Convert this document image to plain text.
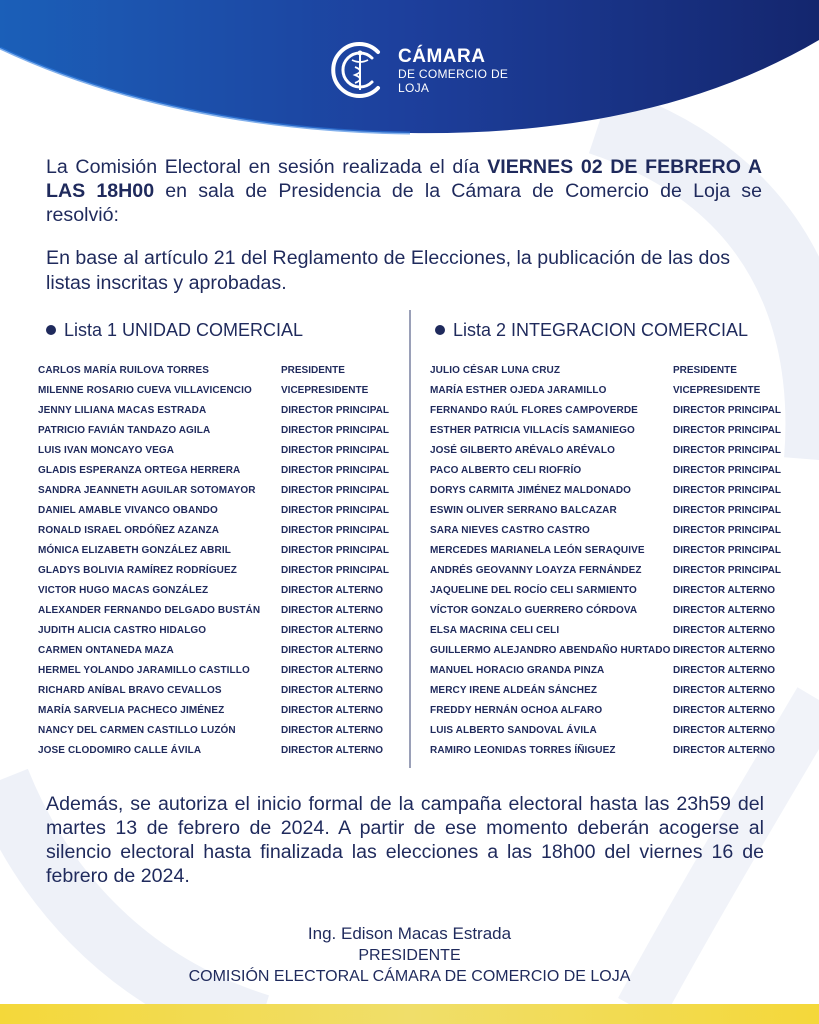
CÁMARA
DE COMERCIO DE
LOJA

La Comisión Electoral en sesión realizada el día VIERNES 02 DE FEBRERO A LAS 18H00 en sala de Presidencia de la Cámara de Comercio de Loja se resolvió:

En base al artículo 21 del Reglamento de Elecciones, la publicación de las dos listas inscritas y aprobadas.

Lista 1 UNIDAD COMERCIAL	Lista 2 INTEGRACION COMERCIAL
CARLOS MARÍA RUILOVA TORRES	PRESIDENTE
MILENNE ROSARIO CUEVA VILLAVICENCIO	VICEPRESIDENTE
JENNY LILIANA MACAS ESTRADA	DIRECTOR PRINCIPAL
PATRICIO FAVIÁN TANDAZO AGILA	DIRECTOR PRINCIPAL
LUIS IVAN MONCAYO VEGA	DIRECTOR PRINCIPAL
GLADIS ESPERANZA ORTEGA HERRERA	DIRECTOR PRINCIPAL
SANDRA JEANNETH AGUILAR SOTOMAYOR	DIRECTOR PRINCIPAL
DANIEL AMABLE VIVANCO OBANDO	DIRECTOR PRINCIPAL
RONALD ISRAEL ORDÓÑEZ AZANZA	DIRECTOR PRINCIPAL
MÓNICA ELIZABETH GONZÁLEZ ABRIL	DIRECTOR PRINCIPAL
GLADYS BOLIVIA RAMÍREZ RODRÍGUEZ	DIRECTOR PRINCIPAL
VICTOR HUGO MACAS GONZÁLEZ	DIRECTOR ALTERNO
ALEXANDER FERNANDO DELGADO BUSTÁN	DIRECTOR ALTERNO
JUDITH ALICIA CASTRO HIDALGO	DIRECTOR ALTERNO
CARMEN ONTANEDA MAZA	DIRECTOR ALTERNO
HERMEL YOLANDO JARAMILLO CASTILLO	DIRECTOR ALTERNO
RICHARD ANÍBAL BRAVO CEVALLOS	DIRECTOR ALTERNO
MARÍA SARVELIA PACHECO JIMÉNEZ	DIRECTOR ALTERNO
NANCY DEL CARMEN CASTILLO LUZÓN	DIRECTOR ALTERNO
JOSE CLODOMIRO CALLE ÁVILA	DIRECTOR ALTERNO
JULIO CÉSAR LUNA CRUZ	PRESIDENTE
MARÍA ESTHER OJEDA JARAMILLO	VICEPRESIDENTE
FERNANDO RAÚL FLORES CAMPOVERDE	DIRECTOR PRINCIPAL
ESTHER PATRICIA VILLACÍS SAMANIEGO	DIRECTOR PRINCIPAL
JOSÉ GILBERTO ARÉVALO ARÉVALO	DIRECTOR PRINCIPAL
PACO ALBERTO CELI RIOFRÍO	DIRECTOR PRINCIPAL
DORYS CARMITA JIMÉNEZ MALDONADO	DIRECTOR PRINCIPAL
ESWIN OLIVER SERRANO BALCAZAR	DIRECTOR PRINCIPAL
SARA NIEVES CASTRO CASTRO	DIRECTOR PRINCIPAL
MERCEDES MARIANELA LEÓN SERAQUIVE	DIRECTOR PRINCIPAL
ANDRÉS GEOVANNY LOAYZA FERNÁNDEZ	DIRECTOR PRINCIPAL
JAQUELINE DEL ROCÍO CELI SARMIENTO	DIRECTOR ALTERNO
VÍCTOR GONZALO GUERRERO CÓRDOVA	DIRECTOR ALTERNO
ELSA MACRINA CELI CELI	DIRECTOR ALTERNO
GUILLERMO ALEJANDRO ABENDAÑO HURTADO DIRECTOR ALTERNO
MANUEL HORACIO GRANDA PINZA	DIRECTOR ALTERNO
MERCY IRENE ALDEÁN SÁNCHEZ	DIRECTOR ALTERNO
FREDDY HERNÁN OCHOA ALFARO	DIRECTOR ALTERNO
LUIS ALBERTO SANDOVAL ÁVILA	DIRECTOR ALTERNO
RAMIRO LEONIDAS TORRES ÍÑIGUEZ	DIRECTOR ALTERNO

Además, se autoriza el inicio formal de la campaña electoral hasta las 23h59 del martes 13 de febrero de 2024. A partir de ese momento deberán acogerse al silencio electoral hasta finalizada las elecciones a las 18h00 del viernes 16 de febrero de 2024.

Ing. Edison Macas Estrada
PRESIDENTE
COMISIÓN ELECTORAL CÁMARA DE COMERCIO DE LOJA
